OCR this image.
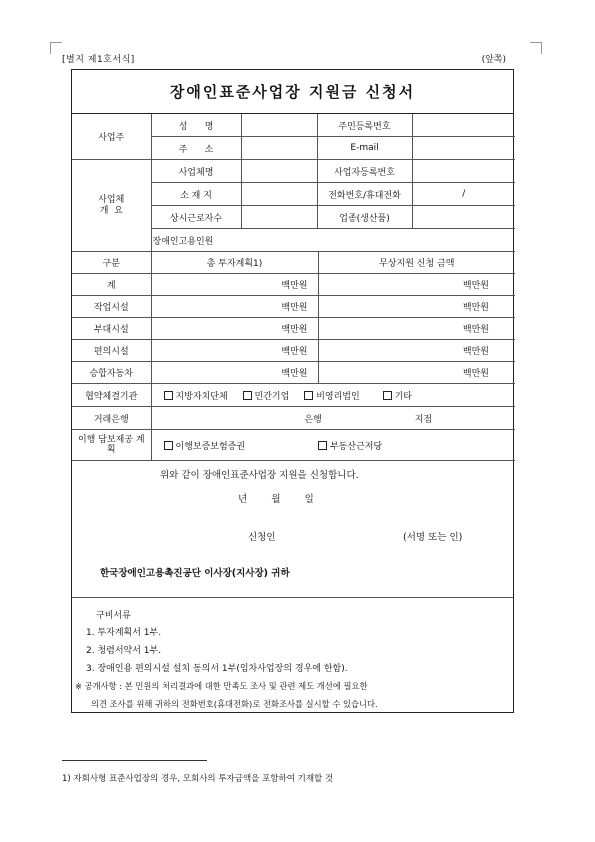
[별지 제1호서식]	(앞쪽)
장애인표준사업장 지원금 신청서
사업주	성      명		주민등록번호	
	주      소		E-mail	
사업체
개  요	사업체명		사업자등록번호	
	소 재 지		전화번호/휴대전화	/
	상시근로자수		업종(생산품)	
	장애인고용인원			
구분	총 투자계획1)	무상지원 신청 금액
계	백만원	백만원
작업시설	백만원	백만원
부대시설	백만원	백만원
편의시설	백만원	백만원
승합자동차	백만원	백만원
협약체결기관	지방자치단체 민간기업 비영리법인 기타
거래은행	은행 지점
이행 담보제공 계획	이행보증보험증권 부동산근저당
위와 같이 장애인표준사업장 지원을 신청합니다.
년        월        일
신청인	(서명 또는 인)
한국장애인고용촉진공단 이사장(지사장) 귀하
구비서류
1. 투자계획서 1부.
2. 청렴서약서 1부.
3. 장애인용 편의시설 설치 동의서 1부(임차사업장의 경우에 한함).
※ 공개사항 : 본 민원의 처리결과에 대한 만족도 조사 및 관련 제도 개선에 필요한
의견 조사를 위해 귀하의 전화번호(휴대전화)로 전화조사를 실시할 수 있습니다.
1) 자회사형 표준사업장의 경우, 모회사의 투자금액을 포함하여 기재할 것
